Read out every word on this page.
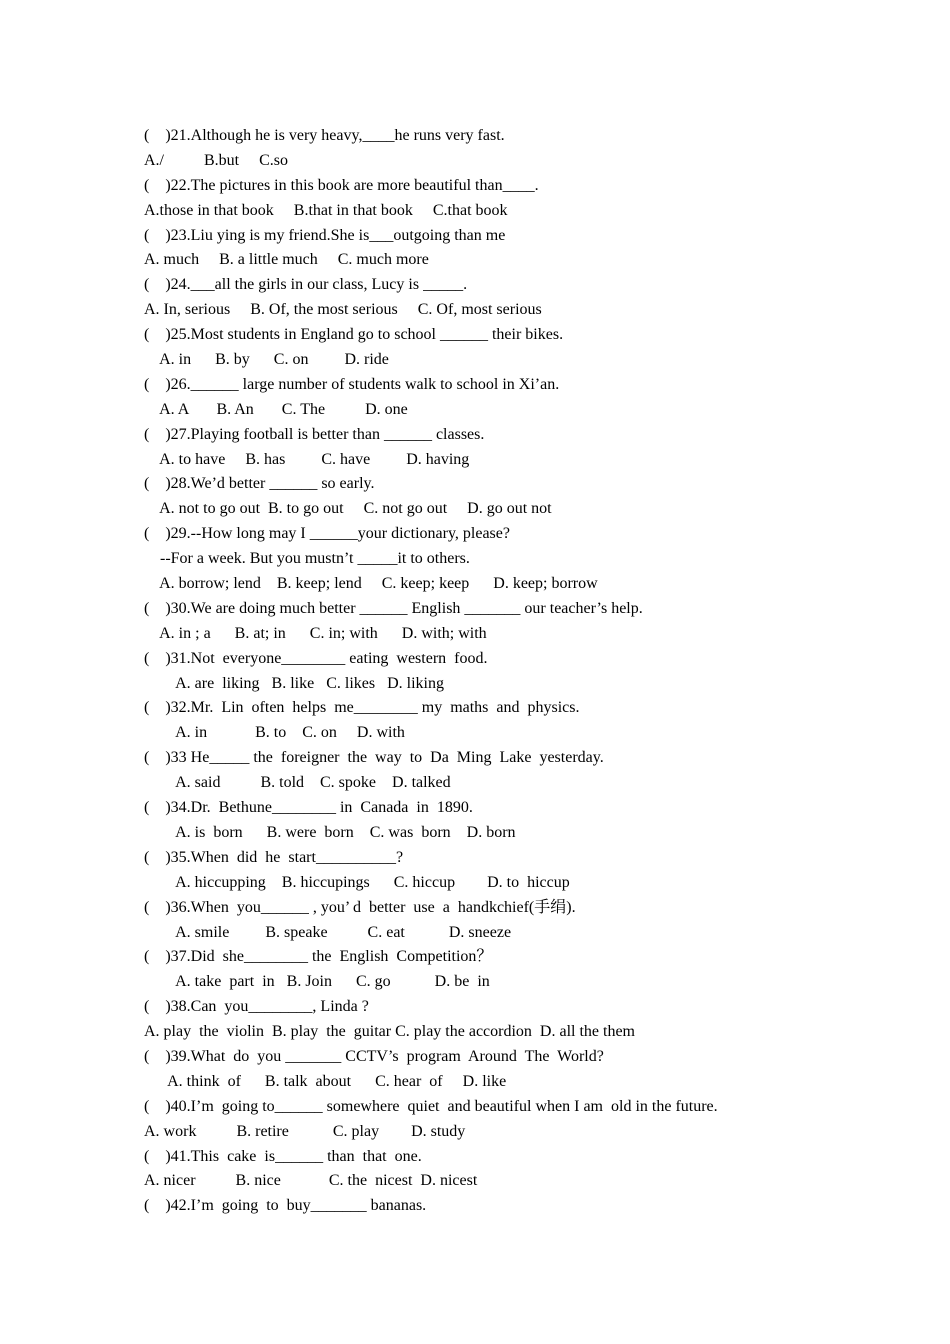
(    )21.Although he is very heavy,____he runs very fast.

A./          B.but     C.so

(    )22.The pictures in this book are more beautiful than____.

A.those in that book     B.that in that book     C.that book

(    )23.Liu ying is my friend.She is___outgoing than me

A. much     B. a little much     C. much more

(    )24.___all the girls in our class, Lucy is _____.

A. In, serious     B. Of, the most serious     C. Of, most serious

(    )25.Most students in England go to school ______ their bikes.

A. in      B. by      C. on         D. ride

(    )26.______ large number of students walk to school in Xi’an.

A. A       B. An       C. The          D. one

(    )27.Playing football is better than ______ classes.

A. to have     B. has         C. have         D. having

(    )28.We’d better ______ so early.

A. not to go out  B. to go out     C. not go out     D. go out not

(    )29.--How long may I ______your dictionary, please?

--For a week. But you mustn’t _____it to others.

A. borrow; lend    B. keep; lend     C. keep; keep      D. keep; borrow

(    )30.We are doing much better ______ English _______ our teacher’s help.

A. in ; a      B. at; in      C. in; with      D. with; with

(    )31.Not  everyone________ eating  western  food.

A. are  liking   B. like   C. likes   D. liking

(    )32.Mr.  Lin  often  helps  me________ my  maths  and  physics.

A. in            B. to    C. on     D. with

(    )33 He_____ the  foreigner  the  way  to  Da  Ming  Lake  yesterday.

A. said          B. told    C. spoke    D. talked

(    )34.Dr.  Bethune________ in  Canada  in  1890.

A. is  born      B. were  born    C. was  born    D. born

(    )35.When  did  he  start__________?

A. hiccupping    B. hiccupings      C. hiccup        D. to  hiccup

(    )36.When  you______ , you’ d  better  use  a  handkchief(手绢).

A. smile         B. speake          C. eat           D. sneeze

(    )37.Did  she________ the  English  Competition？

A. take  part  in   B. Join      C. go           D. be  in

(    )38.Can  you________, Linda ?

A. play  the  violin  B. play  the  guitar C. play the accordion  D. all the them

(    )39.What  do  you _______ CCTV’s  program  Around  The  World?

A. think  of      B. talk  about      C. hear  of     D. like

(    )40.I’m  going to______ somewhere  quiet  and beautiful when I am  old in the future.

A. work          B. retire           C. play        D. study

(    )41.This  cake  is______ than  that  one.

A. nicer          B. nice            C. the  nicest  D. nicest

(    )42.I’m  going  to  buy_______ bananas.
